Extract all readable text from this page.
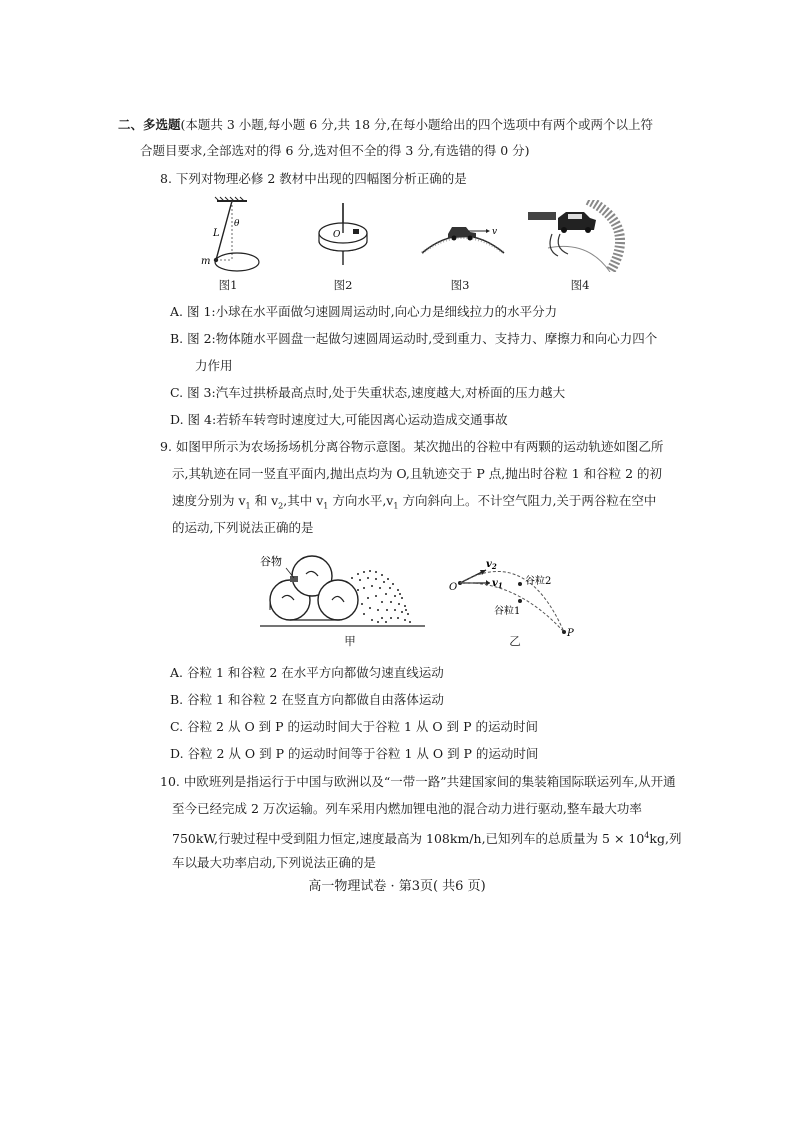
二、多选题(本题共 3 小题,每小题 6 分,共 18 分,在每小题给出的四个选项中有两个或两个以上符
合题目要求,全部选对的得 6 分,选对但不全的得 3 分,有选错的得 0 分)
8. 下列对物理必修 2 教材中出现的四幅图分析正确的是
L
θ
m
图1
O
图2
v
图3	图4
A. 图 1:小球在水平面做匀速圆周运动时,向心力是细线拉力的水平分力
B. 图 2:物体随水平圆盘一起做匀速圆周运动时,受到重力、支持力、摩擦力和向心力四个
力作用
C. 图 3:汽车过拱桥最高点时,处于失重状态,速度越大,对桥面的压力越大
D. 图 4:若轿车转弯时速度过大,可能因离心运动造成交通事故
9. 如图甲所示为农场扬场机分离谷物示意图。某次抛出的谷粒中有两颗的运动轨迹如图乙所
示,其轨迹在同一竖直平面内,抛出点均为 O,且轨迹交于 P 点,抛出时谷粒 1 和谷粒 2 的初
速度分别为 $v_1$ 和 $v_2$,其中 $v_1$ 方向水平$,v_1$ 方向斜向上。不计空气阻力,关于两谷粒在空中
的运动,下列说法正确的是
谷物
甲
O
$v_2$
$v_1$ 谷粒2
谷粒1
P
乙
A. 谷粒 1 和谷粒 2 在水平方向都做匀速直线运动
B. 谷粒 1 和谷粒 2 在竖直方向都做自由落体运动
C. 谷粒 2 从 O 到 P 的运动时间大于谷粒 1 从 O 到 P 的运动时间
D. 谷粒 2 从 O 到 P 的运动时间等于谷粒 1 从 O 到 P 的运动时间
10. 中欧班列是指运行于中国与欧洲以及“一带一路”共建国家间的集装箱国际联运列车,从开通
至今已经完成 2 万次运输。列车采用内燃加锂电池的混合动力进行驱动,整车最大功率
750kW,行驶过程中受到阻力恒定,速度最高为 108km/h,已知列车的总质量为 $5 \times 10^4kg$,列
车以最大功率启动,下列说法正确的是
高一物理试卷 · 第3页( 共6 页)
